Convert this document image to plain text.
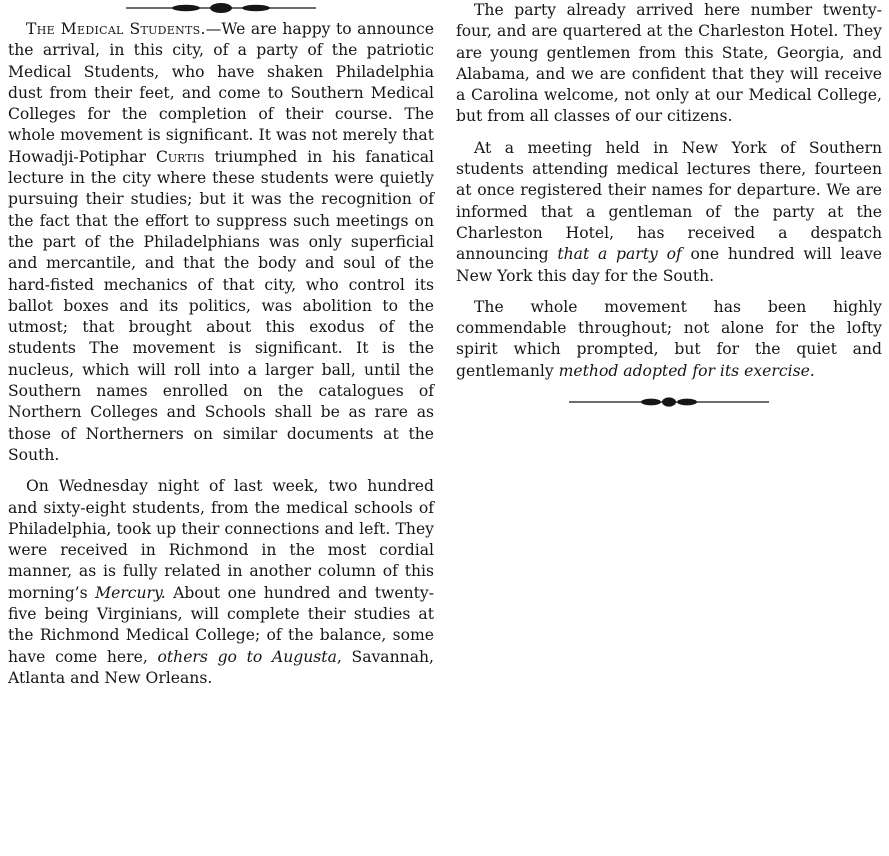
The Medical Students.—We are happy to announce the arrival, in this city, of a party of the patriotic Medical Students, who have shaken Philadelphia dust from their feet, and come to Southern Medical Colleges for the completion of their course. The whole movement is significant. It was not merely that Howadji-Potiphar Curtis triumphed in his fanatical lecture in the city where these students were quietly pursuing their studies; but it was the recognition of the fact that the effort to suppress such meetings on the part of the Philadelphians was only superficial and mercantile, and that the body and soul of the hard-fisted mechanics of that city, who control its ballot boxes and its politics, was abolition to the utmost; that brought about this exodus of the students The movement is significant. It is the nucleus, which will roll into a larger ball, until the Southern names enrolled on the catalogues of Northern Colleges and Schools shall be as rare as those of Northerners on similar documents at the South.

On Wednesday night of last week, two hundred and sixty-eight students, from the medical schools of Philadelphia, took up their connections and left. They were received in Richmond in the most cordial manner, as is fully related in another column of this morning’s Mercury. About one hundred and twenty-five being Virginians, will complete their studies at the Richmond Medical College; of the balance, some have come here, others go to Augusta, Savannah, Atlanta and New Orleans.

The party already arrived here number twenty-four, and are quartered at the Charleston Hotel. They are young gentlemen from this State, Georgia, and Alabama, and we are confident that they will receive a Carolina welcome, not only at our Medical College, but from all classes of our citizens.

At a meeting held in New York of Southern students attending medical lectures there, fourteen at once registered their names for departure. We are informed that a gentleman of the party at the Charleston Hotel, has received a despatch announcing that a party of one hundred will leave New York this day for the South.

The whole movement has been highly commendable throughout; not alone for the lofty spirit which prompted, but for the quiet and gentlemanly method adopted for its exercise.
